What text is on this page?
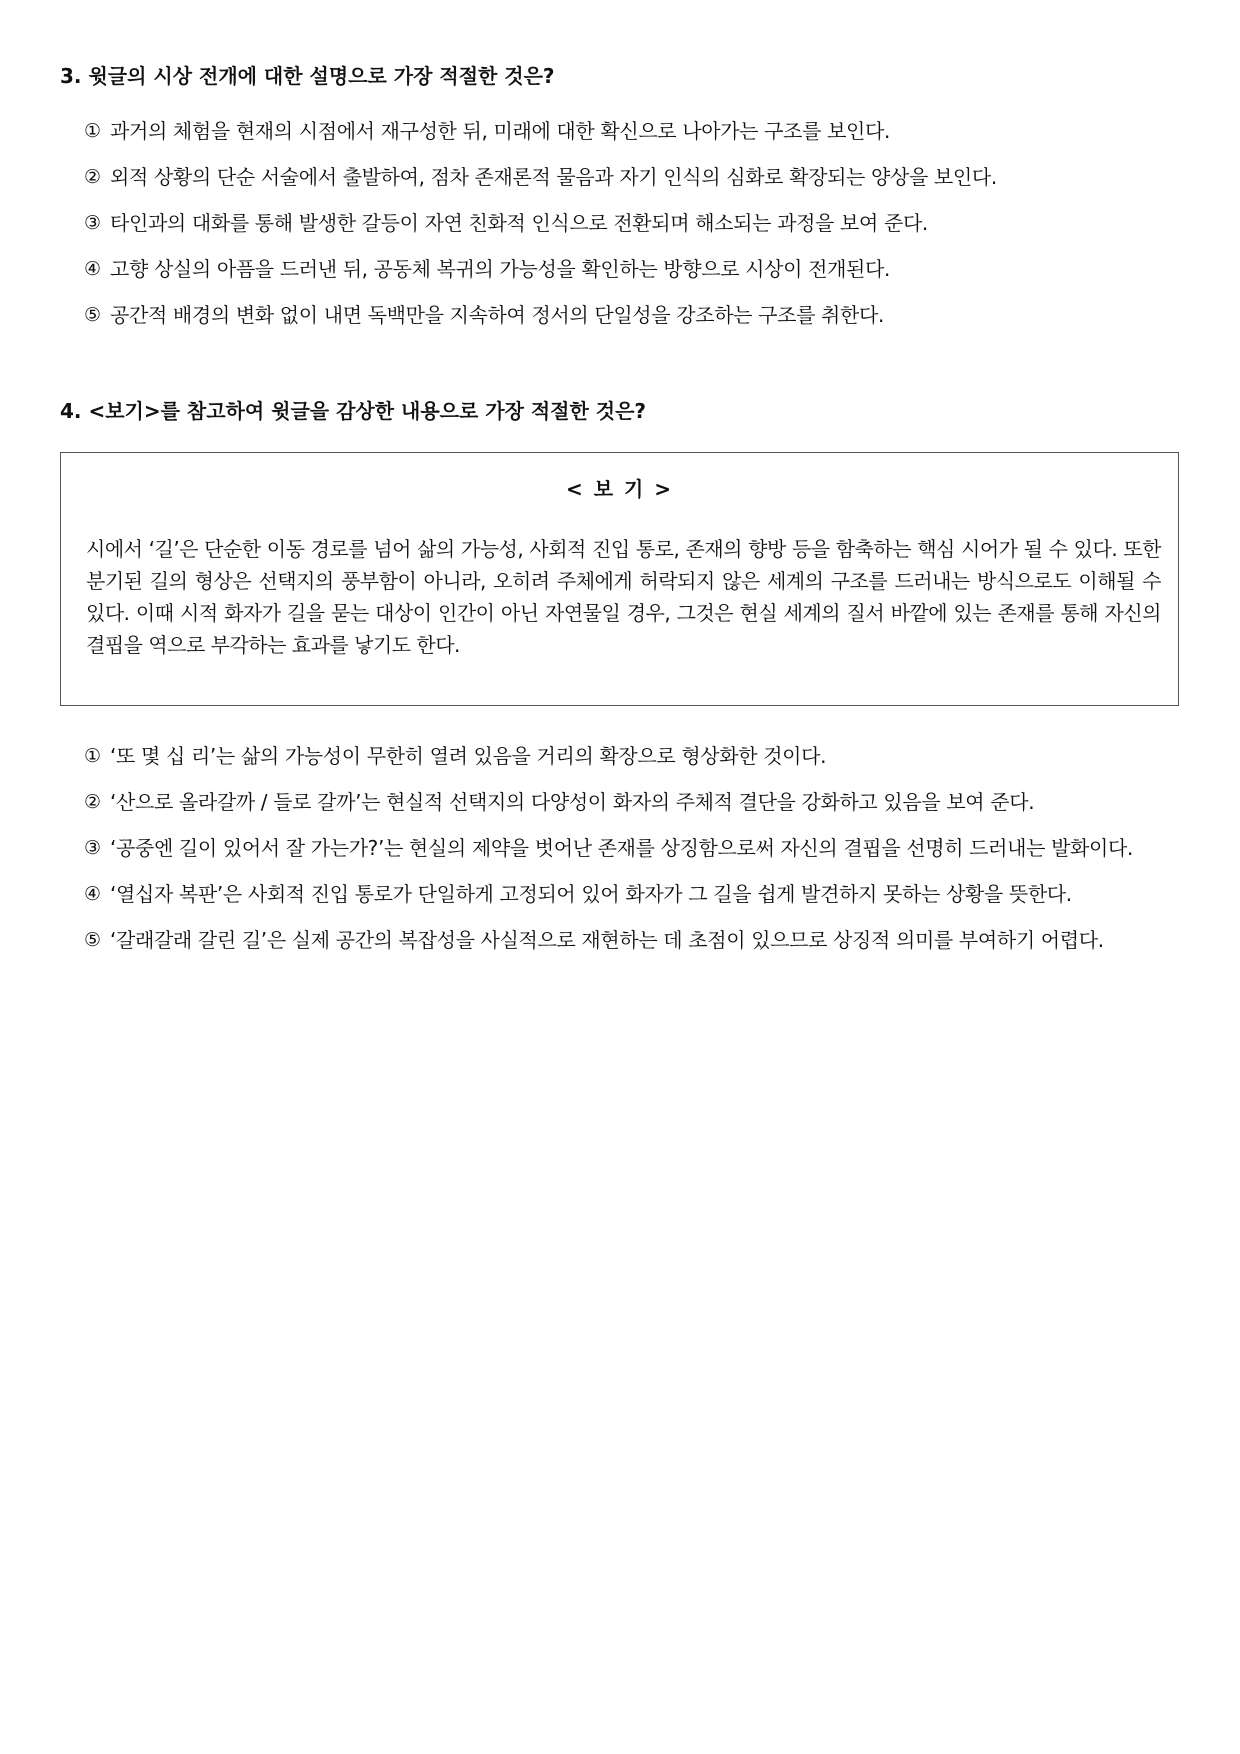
3. 윗글의 시상 전개에 대한 설명으로 가장 적절한 것은?
① 과거의 체험을 현재의 시점에서 재구성한 뒤, 미래에 대한 확신으로 나아가는 구조를 보인다.
② 외적 상황의 단순 서술에서 출발하여, 점차 존재론적 물음과 자기 인식의 심화로 확장되는 양상을 보인다.
③ 타인과의 대화를 통해 발생한 갈등이 자연 친화적 인식으로 전환되며 해소되는 과정을 보여 준다.
④ 고향 상실의 아픔을 드러낸 뒤, 공동체 복귀의 가능성을 확인하는 방향으로 시상이 전개된다.
⑤ 공간적 배경의 변화 없이 내면 독백만을 지속하여 정서의 단일성을 강조하는 구조를 취한다.
4. <보기>를 참고하여 윗글을 감상한 내용으로 가장 적절한 것은?
< 보 기 >

시에서 ‘길’은 단순한 이동 경로를 넘어 삶의 가능성, 사회적 진입 통로, 존재의 향방 등을 함축하는 핵심 시어가 될 수 있다. 또한 분기된 길의 형상은 선택지의 풍부함이 아니라, 오히려 주체에게 허락되지 않은 세계의 구조를 드러내는 방식으로도 이해될 수 있다. 이때 시적 화자가 길을 묻는 대상이 인간이 아닌 자연물일 경우, 그것은 현실 세계의 질서 바깥에 있는 존재를 통해 자신의 결핍을 역으로 부각하는 효과를 낳기도 한다.

① ‘또 몇 십 리’는 삶의 가능성이 무한히 열려 있음을 거리의 확장으로 형상화한 것이다.
② ‘산으로 올라갈까 / 들로 갈까’는 현실적 선택지의 다양성이 화자의 주체적 결단을 강화하고 있음을 보여 준다.
③ ‘공중엔 길이 있어서 잘 가는가?’는 현실의 제약을 벗어난 존재를 상징함으로써 자신의 결핍을 선명히 드러내는 발화이다.
④ ‘열십자 복판’은 사회적 진입 통로가 단일하게 고정되어 있어 화자가 그 길을 쉽게 발견하지 못하는 상황을 뜻한다.
⑤ ‘갈래갈래 갈린 길’은 실제 공간의 복잡성을 사실적으로 재현하는 데 초점이 있으므로 상징적 의미를 부여하기 어렵다.
